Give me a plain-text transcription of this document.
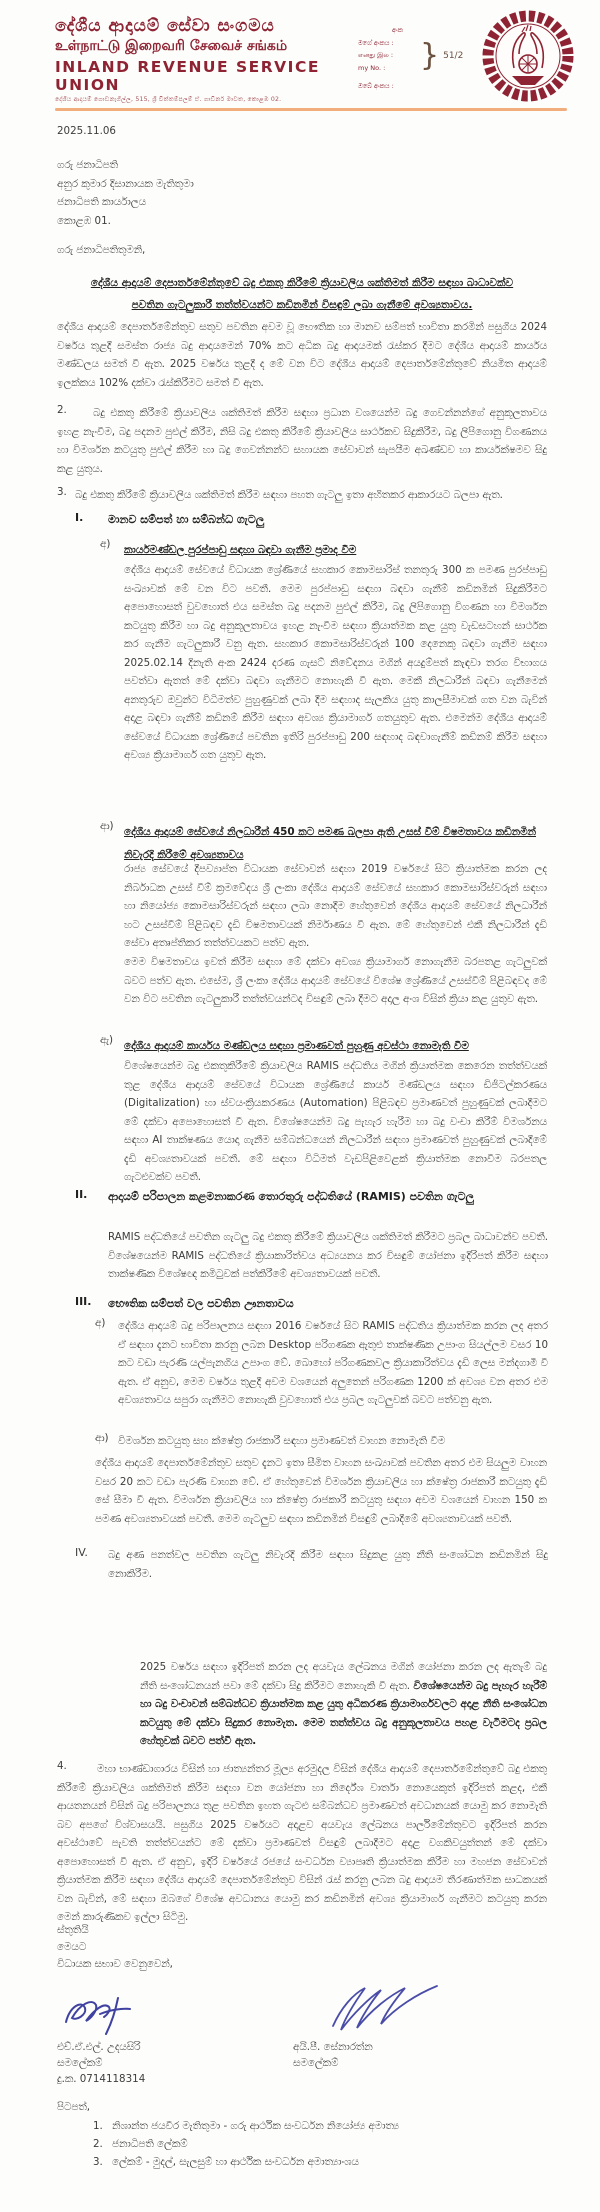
දේශීය ආදායම් සේවා සංගමය
உள்நாட்டு இறைவரி சேவைச் சங்கம்
INLAND REVENUE SERVICE UNION
දේශීය ආදායම් ගොඩනැගිල්ල, 515, ශ්‍රී චිත්තම්පලම් ඒ. ගාඩිනර් මාවත, කොළඹ 02.
අංක
මගේ අංකය :
எனது இல :
my No. :	} 51/2
ඔබේ අංකය :
2025.11.06
ගරු ජනාධිපති
අනුර කුමාර දිසානායක මැතිතුමා
ජනාධිපති කාර්යාලය
කොළඹ 01.
ගරු ජනාධිපතිතුමනි,
දේශීය ආදායම් දෙපාර්තමේන්තුවේ බදු එකතු කිරීමේ ක්‍රියාවලිය ශක්තිමත් කිරීම සඳහා බාධාවක්ව
පවතින ගැටලුකාරී තත්ත්වයන්ට කඩිනමින් විසඳුම් ලබා ගැනීමේ අවශ්‍යතාවය.
දේශීය ආදායම් දෙපාර්තමේන්තුව සතුව පවතින අවම වූ භෞතික හා මානව සම්පත් භාවිතා කරමින් පසුගිය 2024 වර්ෂය තුළදී සමස්ත රාජ්‍ය බදු ආදායමෙන් 70% කට අධික බදු ආදායමක් රැස්කර දීමට දේශීය ආදායම් කාර්යය මණ්ඩලය සමත් වී ඇත. 2025 වර්ෂය තුළදී ද මේ වන විට දේශීය ආදායම් දෙපාර්තමේන්තුවේ නියමිත ආදායම් ඉලක්කය 102% දක්වා රැස්කිරීමට සමත් වී ඇත.
2.	බදු එකතු කිරීමේ ක්‍රියාවලිය ශක්තිමත් කිරීම සඳහා ප්‍රධාන වශයෙන්ම බදු ගෙවන්නන්ගේ අනුකූලතාවය ඉහළ නැංවීම, බදු පදනම පුළුල් කිරීම, නිසි බදු එකතු කිරීමේ ක්‍රියාවලිය සාර්ථකව සිදුකිරීම, බදු ලිපිගොනු විගණනය හා විමර්ශන කටයුතු පුළුල් කිරීම හා බදු ගෙවන්නන්ට සහායක සේවාවන් සැපයීම අඛණ්ඩව හා කාර්යක්ෂමව සිදු කළ යුතුය.
3. බදු එකතු කිරීමේ ක්‍රියාවලිය ශක්තිමත් කිරීම සඳහා පහත ගැටලු ඉතා අහිතකර ආකාරයට බලපා ඇත.
I. මානව සම්පත් හා සම්බන්ධ ගැටලු
අ) කාර්යමණ්ඩල පුරප්පාඩු සඳහා බඳවා ගැනීම ප්‍රමාද වීම
දේශීය ආදායම් සේවයේ විධායක ශ්‍රේණියේ සහකාර කොමසාරිස් තනතුරු 300 ක පමණ පුරප්පාඩු සංඛ්‍යාවක් මේ වන විට පවතී. මෙම පුරප්පාඩු සඳහා බඳවා ගැනීම් කඩිනමින් සිදුකිරීමට අපොහොසත් වුවහොත් එය සමස්ත බදු පදනම පුළුල් කිරීම, බදු ලිපිගොනු විගණන හා විමර්ශන කටයුතු කිරීම හා බදු අනුකූලතාවය ඉහළ නැංවීම සඳහා ක්‍රියාත්මක කළ යුතු වැඩසටහන් සාර්ථක කර ගැනීම ගැටලුකාරී වනු ඇත. සහකාර කොමසාරිස්වරුන් 100 දෙනෙකු බඳවා ගැනීම සඳහා 2025.02.14 දිනැති අංක 2424 දරණ ගැසට් නිවේදනය මගින් අයදුම්පත් කැඳවා තරග විභාගය පවත්වා ඇතත් මේ දක්වා බඳවා ගැනීමට නොහැකි වී ඇත. මෙකී නිලධාරීන් බඳවා ගැනීමෙන් අනතුරුව ඔවුන්ට විධිමත්ව පුහුණුවක් ලබා දීම සඳහාද සැලකිය යුතු කාලසීමාවක් ගත වන බැවින් අදාළ බඳවා ගැනීම් කඩිනම් කිරීම සඳහා අවශ්‍ය ක්‍රියාමාර්ග ගතයුතුව ඇත. එමෙන්ම දේශීය ආදායම් සේවයේ විධායක ශ්‍රේණියේ පවතින ඉතිරි පුරප්පාඩු 200 සඳහාද බඳවාගැනීම් කඩිනම් කිරීම සඳහා අවශ්‍ය ක්‍රියාමාර්ග ගත යුතුව ඇත.
ආ) දේශීය ආදායම් සේවයේ නිලධාරීන් 450 කට පමණ බලපා ඇති උසස් වීම් විෂමතාවය කඩිනමින් නිවැරදි කිරීමේ අවශ්‍යතාවය
රාජ්‍ය සේවයේ දීපව්‍යාප්ත විධායක සේවාවන් සඳහා 2019 වර්ෂයේ සිට ක්‍රියාත්මක කරන ලද නිර්බාධක උසස් වීම් ක්‍රමවේදය ශ්‍රී ලංකා දේශීය ආදායම් සේවයේ සහකාර කොමසාරිස්වරුන් සඳහා හා නියෝජ්‍ය කොමසාරිස්වරුන් සඳහා ලබා නොදීම හේතුවෙන් දේශීය ආදායම් සේවයේ නිලධාරීන් හට උසස්වීම් පිළිබඳව දැඩි විෂමතාවයක් නිර්මාණය වී ඇත. මේ හේතුවෙන් එකී නිලධාරීන් දැඩි සේවා අතෘප්තිකර තත්ත්වයකට පත්ව ඇත.
මෙම විෂමතාවය ඉවත් කිරීම සඳහා මේ දක්වා අවශ්‍ය ක්‍රියාමාර්ග නොගැනීම බරපතළ ගැටලුවක් බවට පත්ව ඇත. එසේම, ශ්‍රී ලංකා දේශීය ආදායම් සේවයේ විශේෂ ශ්‍රේණියේ උසස්වීම් පිළිබඳවද මේ වන විට පවතින ගැටලුකාරී තත්ත්වයන්ටද විසඳුම් ලබා දීමට අදාල අංශ විසින් ක්‍රියා කළ යුතුව ඇත.
ඇ) දේශීය ආදායම් කාර්යය මණ්ඩලය සඳහා ප්‍රමාණවත් පුහුණු අවස්ථා නොමැති වීම
විශේෂයෙන්ම බදු එකතුකිරීමේ ක්‍රියාවලිය RAMIS පද්ධතිය මගින් ක්‍රියාත්මක කෙරෙන තත්ත්වයක් තුළ දේශීය ආදායම් සේවයේ විධායක ශ්‍රේණියේ කාර්ය මණ්ඩලය සඳහා ඩිජිටල්කරණය (Digitalization) හා ස්වයංක්‍රියකරණය (Automation) පිළිබඳව ප්‍රමාණවත් පුහුණුවක් ලබාදීමට මේ දක්වා අපොහොසත් වී ඇත. විශේෂයෙන්ම බදු පැහැර හැරීම හා බදු වංචා කිරීම් විමර්ශනය සඳහා AI තාක්ෂණය යොදා ගැනීම සම්බන්ධයෙන් නිලධාරීන් සඳහා ප්‍රමාණවත් පුහුණුවක් ලබාදීමේ දැඩි අවශ්‍යතාවයක් පවතී. මේ සඳහා විධිමත් වැඩපිළිවෙළක් ක්‍රියාත්මක නොවීම බරපතල ගැටළුවක්ව පවතී.
II. ආදායම් පරිපාලන කළමනාකරණ තොරතුරු පද්ධතියේ (RAMIS) පවතින ගැටලු
RAMIS පද්ධතියේ පවතින ගැටලු බදු එකතු කිරීමේ ක්‍රියාවලිය ශක්තිමත් කිරීමට ප්‍රබල බාධාවන්ව පවතී. විශේෂයෙන්ම RAMIS පද්ධතියේ ක්‍රියාකාරිත්වය අධ්‍යයනය කර විසඳුම් යෝජනා ඉදිරිපත් කිරීම සඳහා තාක්ෂණික විශේෂඥ කමිටුවක් පත්කිරීමේ අවශ්‍යතාවයක් පවතී.
III. භෞතික සම්පත් වල පවතින ඌනතාවය
අ) දේශීය ආදායම් බදු පරිපාලනය සඳහා 2016 වර්ෂයේ සිට RAMIS පද්ධතිය ක්‍රියාත්මක කරන ලද අතර ඒ සඳහා දැනට භාවිතා කරනු ලබන Desktop පරිගණක ඇතුළු තාක්ෂණික උපාංග සියල්ලම වසර 10 කට වඩා පැරණි යල්පැනගිය උපාංග වේ. බොහෝ පරිගණකවල ක්‍රියාකාරිත්වය දැඩි ලෙස මන්දගාමී වී ඇත. ඒ අනුව, මෙම වර්ෂය තුළදී අවම වශයෙන් අලුතෙන් පරිගණක 1200 ක් අවශ්‍ය වන අතර එම අවශ්‍යතාවය සපුරා ගැනීමට නොහැකි වුවහොත් එය ප්‍රබල ගැටලුවක් බවට පත්වනු ඇත.
ආ) විමර්ශන කටයුතු සහ ක්ෂේත්‍ර රාජකාරී සඳහා ප්‍රමාණවත් වාහන නොමැති වීම
දේශීය ආදායම් දෙපාර්තමේන්තුව සතුව දැනට ඉතා සීමිත වාහන සංඛ්‍යාවක් පවතින අතර එම සියලුම වාහන වසර 20 කට වඩා පැරණි වාහන වේ. ඒ හේතුවෙන් විමර්ශන ක්‍රියාවලිය හා ක්ෂේත්‍ර රාජකාරී කටයුතු දැඩි සේ සීමා වී ඇත. විමර්ශන ක්‍රියාවලිය හා ක්ෂේත්‍ර රාජකාරී කටයුතු සඳහා අවම වශයෙන් වාහන 150 ක පමණ අවශ්‍යතාවයක් පවතී. මෙම ගැටලුව සඳහා කඩිනමින් විසඳුම් ලබාදීමේ අවශ්‍යතාවයක් පවතී.
IV. බදු අණ පනත්වල පවතින ගැටලු නිවැරදි කිරීම සඳහා සිදුකළ යුතු නීති සංශෝධන කඩිනමින් සිදු නොකිරීම.
2025 වර්ෂය සඳහා ඉදිරිපත් කරන ලද අයවැය ලේඛනය මගින් යෝජනා කරන ලද ඇතැම් බදු නීති සංශෝධනයන් පවා මේ දක්වා සිදු කිරීමට නොහැකි වී ඇත. විශේෂයෙන්ම බදු පැහැර හැරීම් හා බදු වංචාවන් සම්බන්ධව ක්‍රියාත්මක කළ යුතු අධිකරණ ක්‍රියාමාර්ගවලට අදාළ නීති සංශෝධන කටයුතු මේ දක්වා සිදුකර නොමැත. මෙම තත්ත්වය බදු අනුකූලතාවය පහළ වැටීමටද ප්‍රබල හේතුවක් බවට පත්වී ඇත.
4.	මහා භාණ්ඩාගාරය විසින් හා ජාත්‍යන්තර මූල්‍ය අරමුදල විසින් දේශීය ආදායම් දෙපාර්තමේන්තුවේ බදු එකතු කිරීමේ ක්‍රියාවලිය ශක්තිමත් කිරීම සඳහා වන යෝජනා හා නිර්දේශ වාර්තා නොයෙකුත් ඉදිරිපත් කළද, එකී ආයතනයන් විසින් බදු පරිපාලනය තුළ පවතින ඉහත ගැටළු සම්බන්ධව ප්‍රමාණවත් අවධානයක් යොමු කර නොමැති බව අපගේ විශ්වාසයයි. පසුගිය 2025 වර්ෂයට අදාළව අයවැය ලේඛනය පාර්ලිමේන්තුවට ඉදිරිපත් කරන අවස්ථාවේ පැවති තත්ත්වයන්ට මේ දක්වා ප්‍රමාණවත් විසඳුම් ලබාදීමට අදාළ වගකිවයුත්තන් මේ දක්වා අපොහොසත් වී ඇත. ඒ අනුව, ඉදිරි වර්ෂයේ රජයේ සංවර්ධන ව්‍යාපෘති ක්‍රියාත්මක කිරීම හා මහජන සේවාවන් ක්‍රියාත්මක කිරීම සඳහා දේශීය ආදායම් දෙපාර්තමේන්තුව විසින් රැස් කරනු ලබන බදු ආදායම තීරණාත්මක සාධකයක් වන බැවින්, මේ සඳහා ඔබගේ විශේෂ අවධානය යොමු කර කඩිනමින් අවශ්‍ය ක්‍රියාමාර්ග ගැනීමට කටයුතු කරන මෙන් කාරුණිකව ඉල්ලා සිටිමු.
ස්තුතියි
මෙයට
විධායක සභාව වෙනුවෙන්,
එච්.ඒ.එල්. උදයසිරි
සමලේකම්
දු.ක. 0714118314
අයි.පී. සේනාරත්න
සමලේකම්
පිටපත්,
1. නිශාන්ත ජයවීර මැතිතුමා - ගරු ආර්ථික සංවර්ධන නියෝජ්‍ය අමාත්‍ය
2. ජනාධිපති ලේකම්
3. ලේකම් - මුදල්, සැලසුම් හා ආර්ථික සංවර්ධන අමාත්‍යාංශය
